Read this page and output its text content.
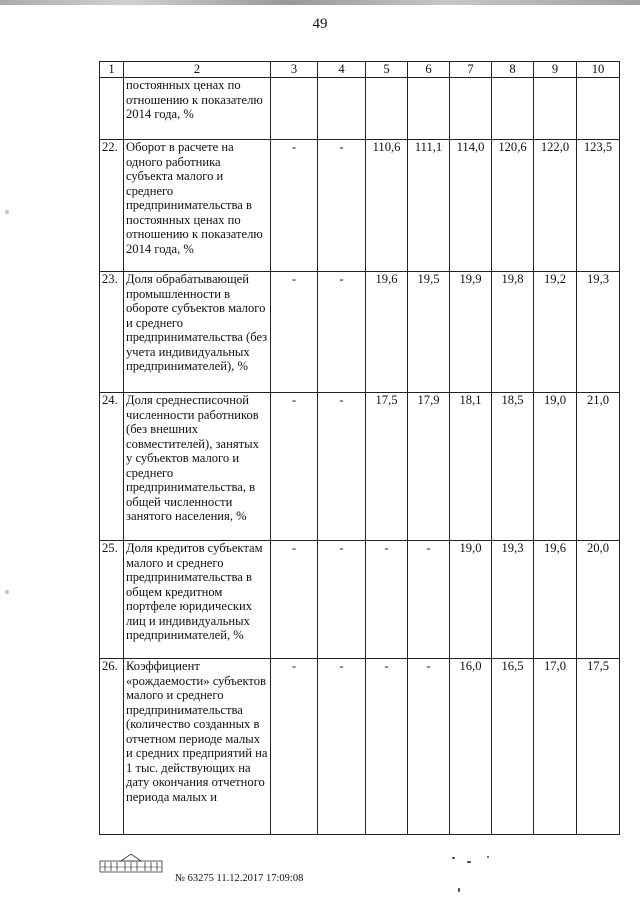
49
1	2	3	4	5	6	7	8	9	10
	постоянных ценах по отношению к показателю 2014 года, %								
22.	Оборот в расчете на одного работника субъекта малого и среднего предпринимательства в постоянных ценах по отношению к показателю 2014 года, %	-	-	110,6	111,1	114,0	120,6	122,0	123,5
23.	Доля обрабатывающей промышленности в обороте субъектов малого и среднего предпринимательства (без учета индивидуальных предпринимателей), %	-	-	19,6	19,5	19,9	19,8	19,2	19,3
24.	Доля среднесписочной численности работников (без внешних совместителей), занятых у субъектов малого и среднего предпринимательства, в общей численности занятого населения, %	-	-	17,5	17,9	18,1	18,5	19,0	21,0
25.	Доля кредитов субъектам малого и среднего предпринимательства в общем кредитном портфеле юридических лиц и индивидуальных предпринимателей, %	-	-	-	-	19,0	19,3	19,6	20,0
26.	Коэффициент «рождаемости» субъектов малого и среднего предпринимательства (количество созданных в отчетном периоде малых и средних предприятий на 1 тыс. действующих на дату окончания отчетного периода малых и	-	-	-	-	16,0	16,5	17,0	17,5
№ 63275 11.12.2017 17:09:08
